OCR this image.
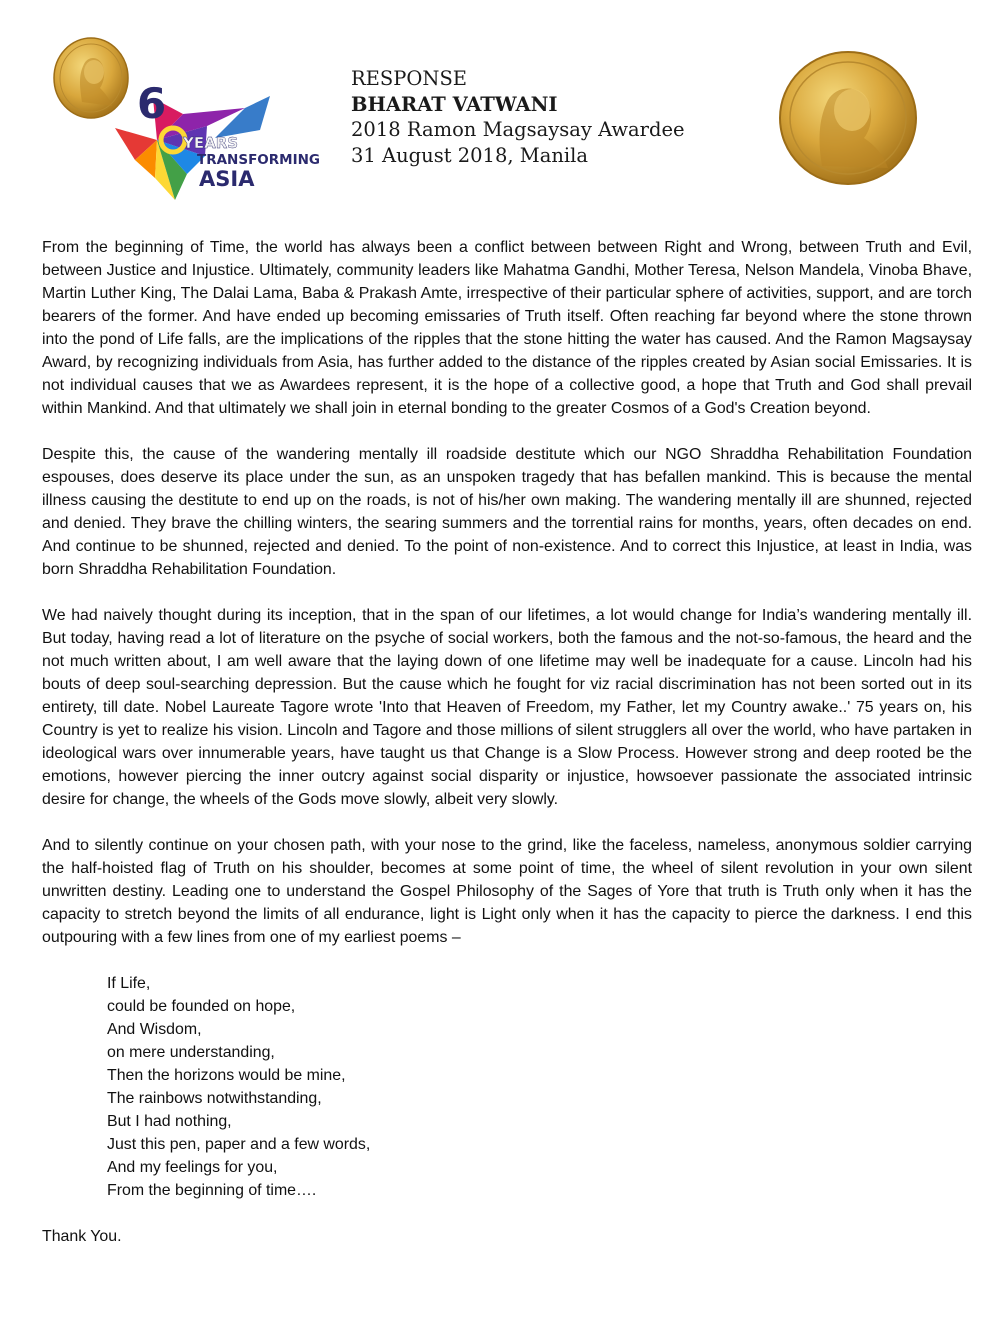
6
YEARS
TRANSFORMING
ASIA
RESPONSE
BHARAT VATWANI
2018 Ramon Magsaysay Awardee
31 August 2018, Manila

From the beginning of Time, the world has always been a conflict between between Right and Wrong, between Truth and Evil, between Justice and Injustice. Ultimately, community leaders like Mahatma Gandhi, Mother Teresa, Nelson Mandela, Vinoba Bhave, Martin Luther King, The Dalai Lama, Baba & Prakash Amte, irrespective of their particular sphere of activities, support, and are torch bearers of the former. And have ended up becoming emissaries of Truth itself. Often reaching far beyond where the stone thrown into the pond of Life falls, are the implications of the ripples that the stone hitting the water has caused. And the Ramon Magsaysay Award, by recognizing individuals from Asia, has further added to the distance of the ripples created by Asian social Emissaries. It is not individual causes that we as Awardees represent, it is the hope of a collective good, a hope that Truth and God shall prevail within Mankind. And that ultimately we shall join in eternal bonding to the greater Cosmos of a God's Creation beyond.

Despite this, the cause of the wandering mentally ill roadside destitute which our NGO Shraddha Rehabilitation Foundation espouses, does deserve its place under the sun, as an unspoken tragedy that has befallen mankind. This is because the mental illness causing the destitute to end up on the roads, is not of his/her own making. The wandering mentally ill are shunned, rejected and denied. They brave the chilling winters, the searing summers and the torrential rains for months, years, often decades on end. And continue to be shunned, rejected and denied. To the point of non-existence. And to correct this Injustice, at least in India, was born Shraddha Rehabilitation Foundation.

We had naively thought during its inception, that in the span of our lifetimes, a lot would change for India’s wandering mentally ill. But today, having read a lot of literature on the psyche of social workers, both the famous and the not-so-famous, the heard and the not much written about, I am well aware that the laying down of one lifetime may well be inadequate for a cause. Lincoln had his bouts of deep soul-searching depression. But the cause which he fought for viz racial discrimination has not been sorted out in its entirety, till date. Nobel Laureate Tagore wrote 'Into that Heaven of Freedom, my Father, let my Country awake..' 75 years on, his Country is yet to realize his vision. Lincoln and Tagore and those millions of silent strugglers all over the world, who have partaken in ideological wars over innumerable years, have taught us that Change is a Slow Process. However strong and deep rooted be the emotions, however piercing the inner outcry against social disparity or injustice, howsoever passionate the associated intrinsic desire for change, the wheels of the Gods move slowly, albeit very slowly.

And to silently continue on your chosen path, with your nose to the grind, like the faceless, nameless, anonymous soldier carrying the half-hoisted flag of Truth on his shoulder, becomes at some point of time, the wheel of silent revolution in your own silent unwritten destiny. Leading one to understand the Gospel Philosophy of the Sages of Yore that truth is Truth only when it has the capacity to stretch beyond the limits of all endurance, light is Light only when it has the capacity to pierce the darkness. I end this outpouring with a few lines from one of my earliest poems –

If Life,
could be founded on hope,
And Wisdom,
on mere understanding,
Then the horizons would be mine,
The rainbows notwithstanding,
But I had nothing,
Just this pen, paper and a few words,
And my feelings for you,
From the beginning of time….

Thank You.
